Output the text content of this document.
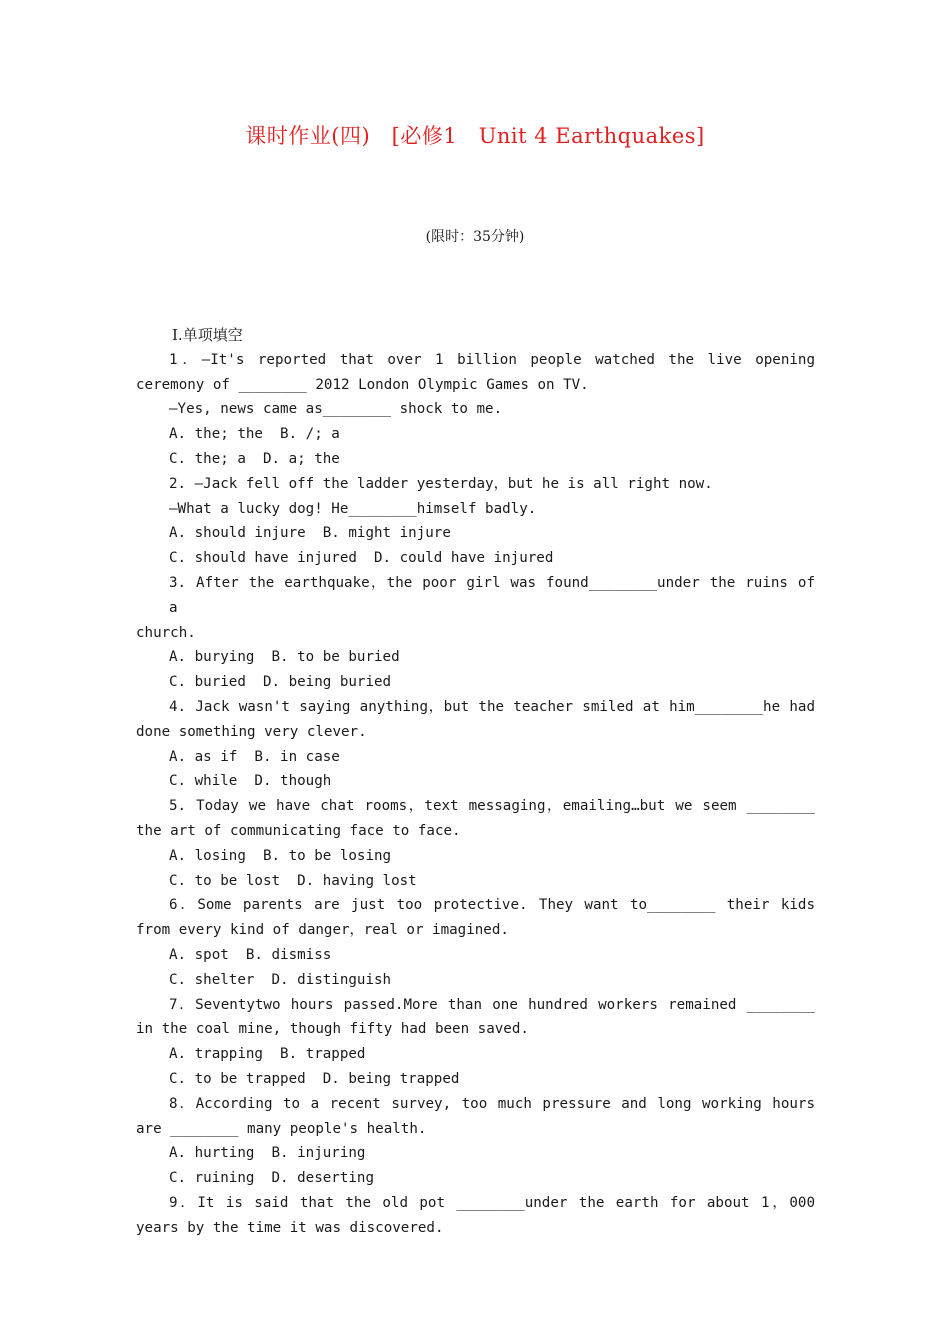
课时作业(四)　[必修1　Unit 4 Earthquakes]
(限时：35分钟)
Ⅰ.单项填空
1．—It's reported that over 1 billion people watched the live opening
ceremony of ________ 2012 London Olympic Games on TV.
—Yes, news came as________ shock to me.
A. the; the  B. /; a
C. the; a  D. a; the
2. —Jack fell off the ladder yesterday，but he is all right now.
—What a lucky dog! He________himself badly.
A. should injure  B. might injure
C. should have injured  D. could have injured
3. After the earthquake，the poor girl was found________under the ruins of a
church.
A. burying  B. to be buried
C. buried  D. being buried
4. Jack wasn't saying anything，but the teacher smiled at him________he had
done something very clever.
A. as if  B. in case
C. while  D. though
5. Today we have chat rooms，text messaging，emailing…but we seem ________
the art of communicating face to face.
A. losing  B. to be losing
C. to be lost  D. having lost
6．Some parents are just too protective. They want to________ their kids
from every kind of danger，real or imagined.
A. spot  B. dismiss
C. shelter  D. distinguish
7．Seventytwo hours passed.More than one hundred workers remained ________
in the coal mine, though fifty had been saved.
A. trapping  B. trapped
C. to be trapped  D. being trapped
8．According to a recent survey, too much pressure and long working hours
are ________ many people's health.
A. hurting  B. injuring
C. ruining  D. deserting
9．It is said that the old pot ________under the earth for about 1，000
years by the time it was discovered.
